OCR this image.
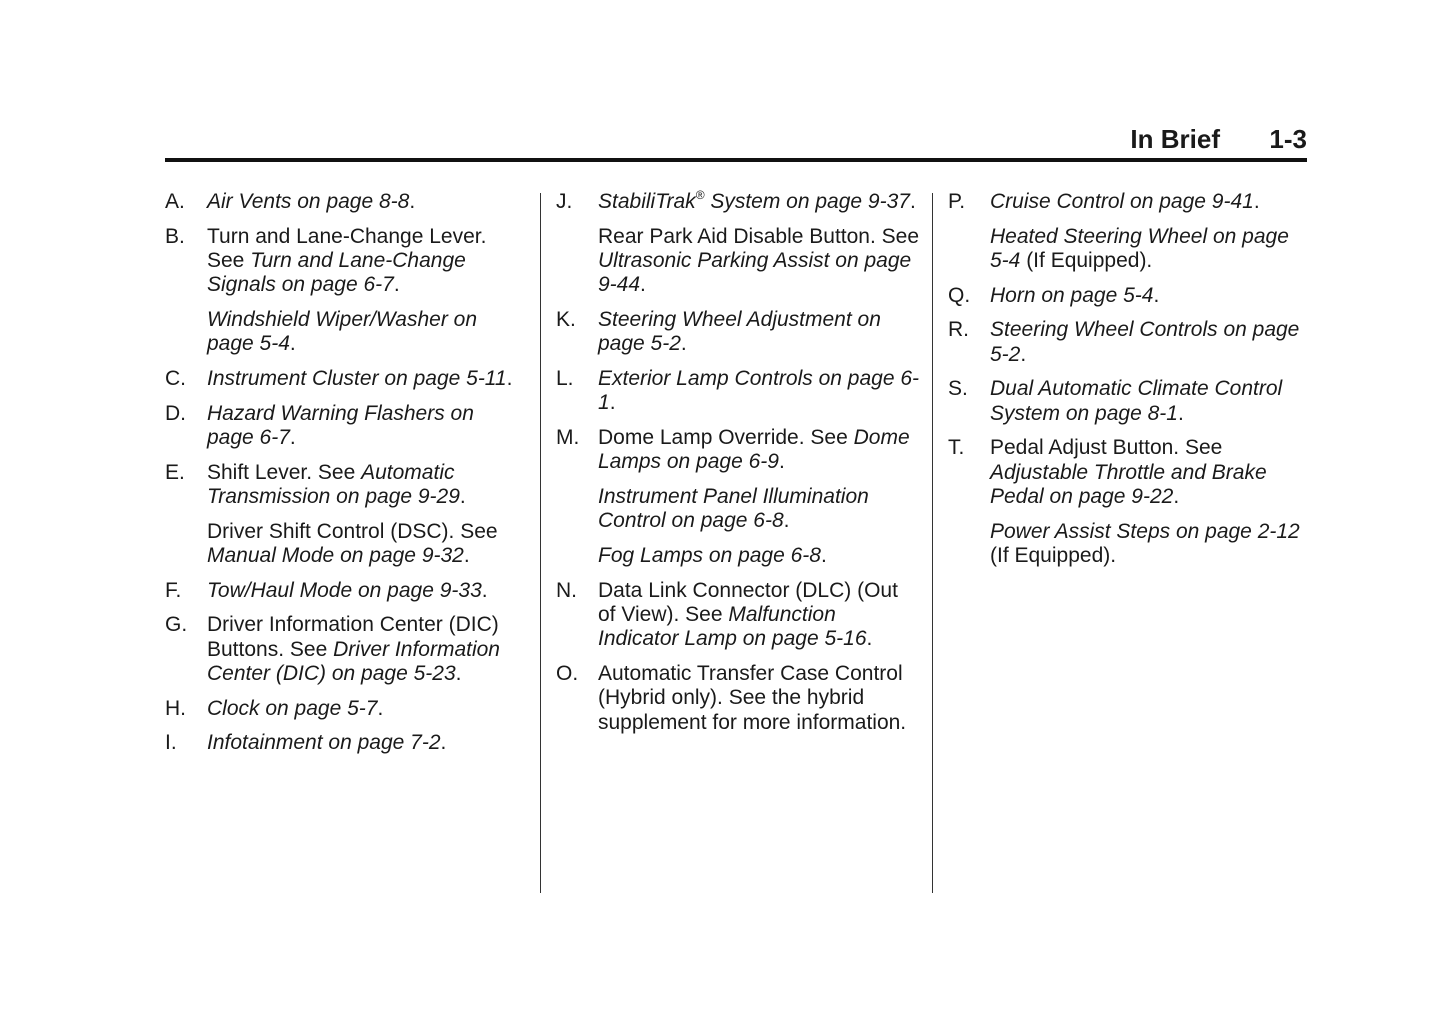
In Brief 1-3
A. Air Vents on page 8-8.
B. Turn and Lane-Change Lever. See Turn and Lane-Change Signals on page 6-7.
Windshield Wiper/Washer on page 5-4.
C. Instrument Cluster on page 5-11.
D. Hazard Warning Flashers on page 6-7.
E. Shift Lever. See Automatic Transmission on page 9-29.
Driver Shift Control (DSC). See Manual Mode on page 9-32.
F. Tow/Haul Mode on page 9-33.
G. Driver Information Center (DIC) Buttons. See Driver Information Center (DIC) on page 5-23.
H. Clock on page 5-7.
I. Infotainment on page 7-2.
J. StabiliTrak® System on page 9-37.
Rear Park Aid Disable Button. See Ultrasonic Parking Assist on page 9-44.
K. Steering Wheel Adjustment on page 5-2.
L. Exterior Lamp Controls on page 6-1.
M. Dome Lamp Override. See Dome Lamps on page 6-9.
Instrument Panel Illumination Control on page 6-8.
Fog Lamps on page 6-8.
N. Data Link Connector (DLC) (Out of View). See Malfunction Indicator Lamp on page 5-16.
O. Automatic Transfer Case Control (Hybrid only). See the hybrid supplement for more information.
P. Cruise Control on page 9-41.
Heated Steering Wheel on page 5-4 (If Equipped).
Q. Horn on page 5-4.
R. Steering Wheel Controls on page 5-2.
S. Dual Automatic Climate Control System on page 8-1.
T. Pedal Adjust Button. See Adjustable Throttle and Brake Pedal on page 9-22.
Power Assist Steps on page 2-12 (If Equipped).
